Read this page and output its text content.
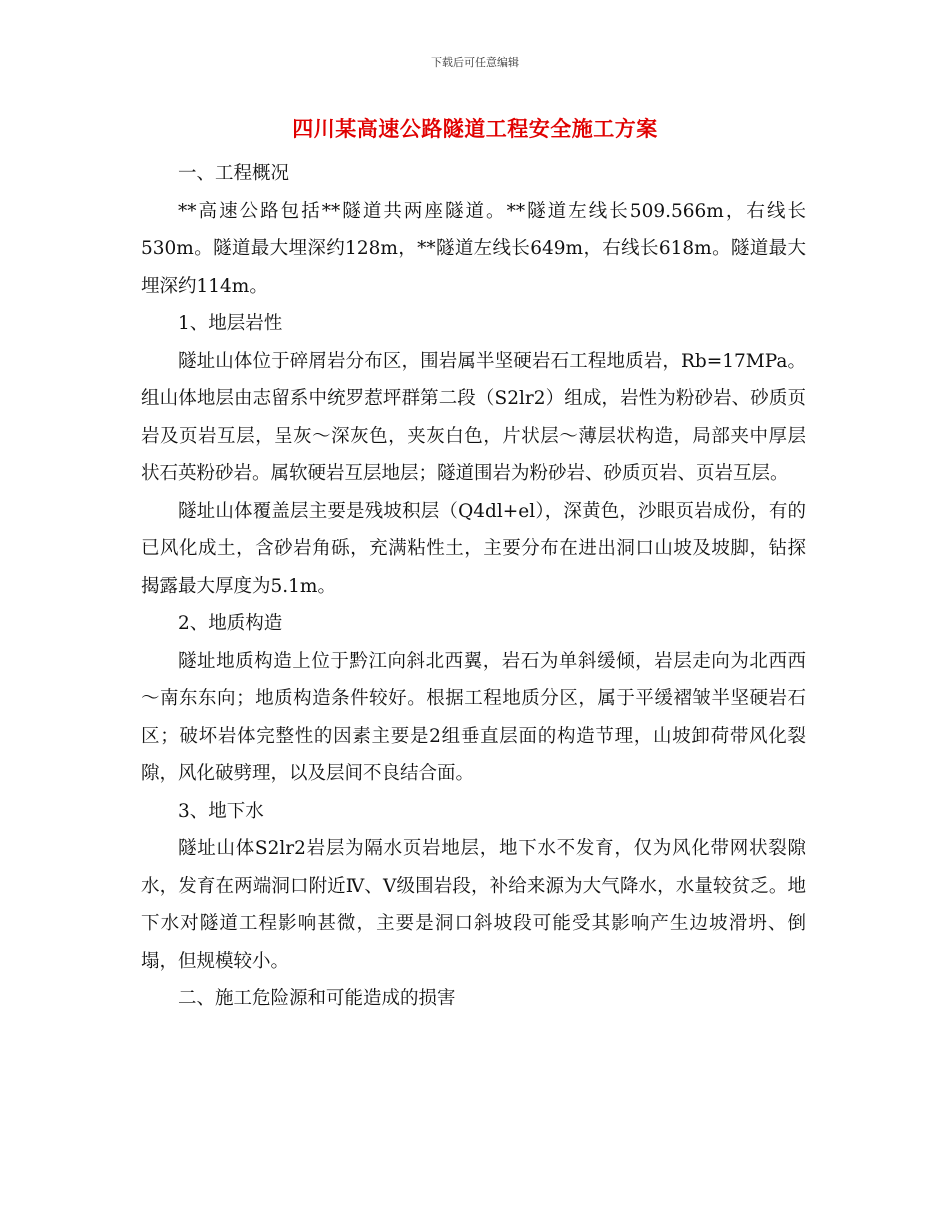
下载后可任意编辑
四川某高速公路隧道工程安全施工方案

一、工程概况

**高速公路包括**隧道共两座隧道。**隧道左线长509.566m，右线长530m。隧道最大埋深约128m，**隧道左线长649m，右线长618m。隧道最大埋深约114m。

1、地层岩性

隧址山体位于碎屑岩分布区，围岩属半坚硬岩石工程地质岩，Rb=17MPa。组山体地层由志留系中统罗惹坪群第二段（S2lr2）组成，岩性为粉砂岩、砂质页岩及页岩互层，呈灰～深灰色，夹灰白色，片状层～薄层状构造，局部夹中厚层状石英粉砂岩。属软硬岩互层地层；隧道围岩为粉砂岩、砂质页岩、页岩互层。

隧址山体覆盖层主要是残坡积层（Q4dl+el），深黄色，沙眼页岩成份，有的已风化成土，含砂岩角砾，充满粘性土，主要分布在进出洞口山坡及坡脚，钻探揭露最大厚度为5.1m。

2、地质构造

隧址地质构造上位于黔江向斜北西翼，岩石为单斜缓倾，岩层走向为北西西～南东东向；地质构造条件较好。根据工程地质分区，属于平缓褶皱半坚硬岩石区；破坏岩体完整性的因素主要是2组垂直层面的构造节理，山坡卸荷带风化裂隙，风化破劈理，以及层间不良结合面。

3、地下水

隧址山体S2lr2岩层为隔水页岩地层，地下水不发育，仅为风化带网状裂隙水，发育在两端洞口附近Ⅳ、Ⅴ级围岩段，补给来源为大气降水，水量较贫乏。地下水对隧道工程影响甚微，主要是洞口斜坡段可能受其影响产生边坡滑坍、倒塌，但规模较小。

二、施工危险源和可能造成的损害
